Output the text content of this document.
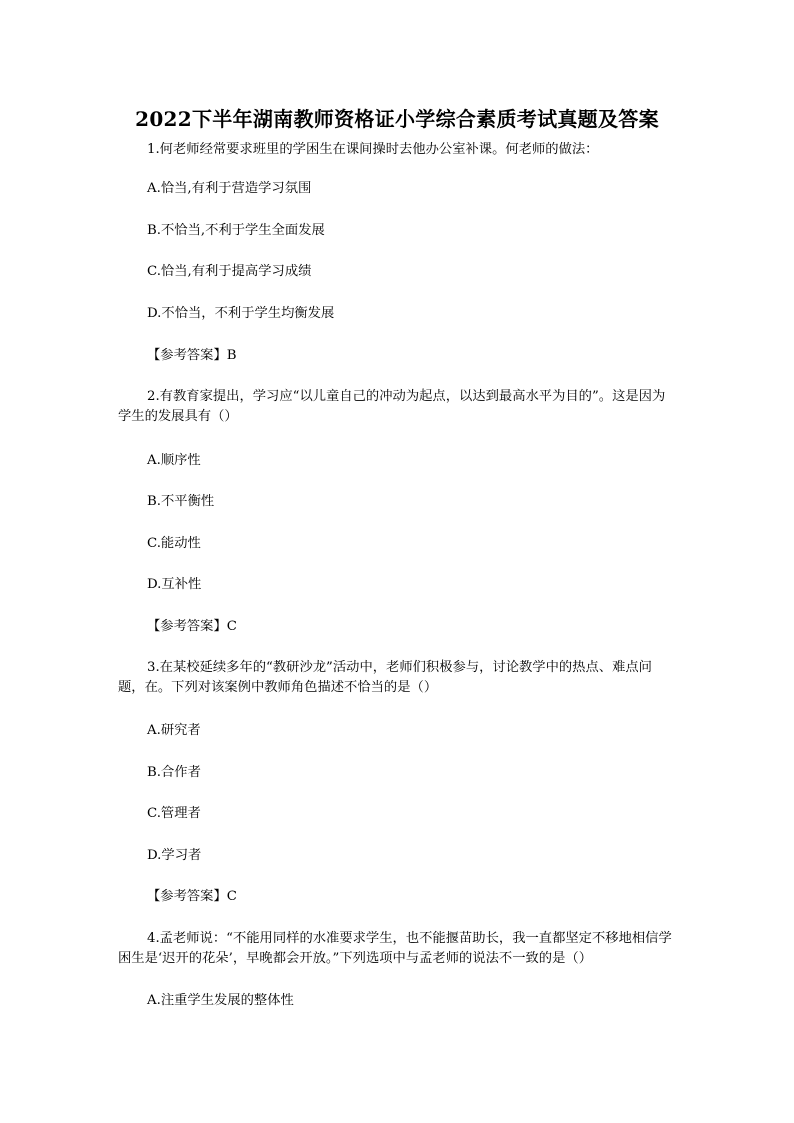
2022下半年湖南教师资格证小学综合素质考试真题及答案
1.何老师经常要求班里的学困生在课间操时去他办公室补课。何老师的做法：
A.恰当,有利于营造学习氛围
B.不恰当,不利于学生全面发展
C.恰当,有利于提高学习成绩
D.不恰当，不利于学生均衡发展
【参考答案】B
2.有教育家提出，学习应“以儿童自己的冲动为起点，以达到最高水平为目的”。这是因为学生的发展具有（）
A.顺序性
B.不平衡性
C.能动性
D.互补性
【参考答案】C
3.在某校延续多年的“教研沙龙”活动中，老师们积极参与，讨论教学中的热点、难点问题，在。下列对该案例中教师角色描述不恰当的是（）
A.研究者
B.合作者
C.管理者
D.学习者
【参考答案】C
4.孟老师说：“不能用同样的水准要求学生，也不能揠苗助长，我一直都坚定不移地相信学困生是‘迟开的花朵’，早晚都会开放。”下列选项中与孟老师的说法不一致的是（）
A.注重学生发展的整体性
